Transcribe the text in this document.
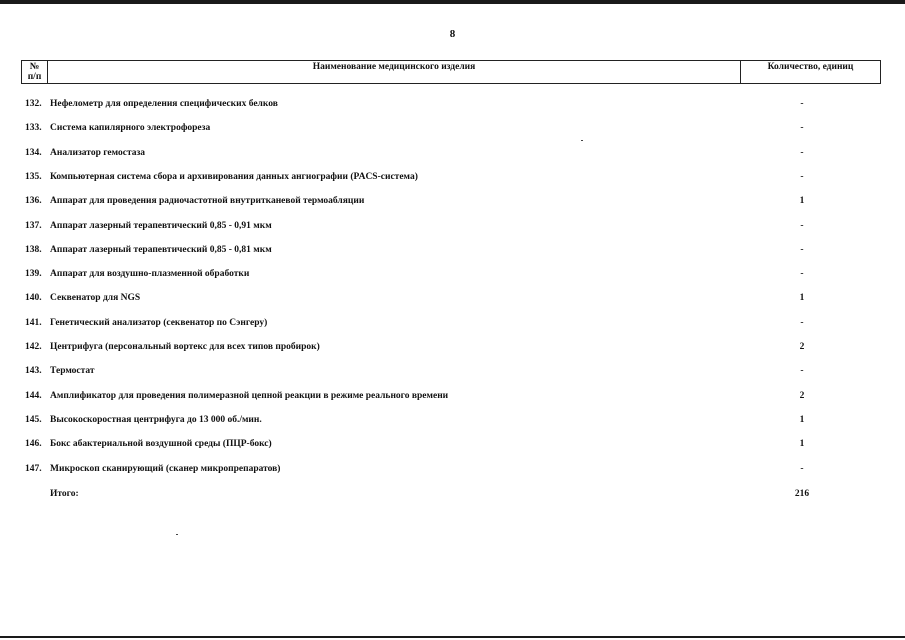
8
№
п/п
Наименование медицинского изделия	Количество, единиц
132. Нефелометр для определения специфических белков	-
133. Система капилярного электрофореза	-
134. Анализатор гемостаза	-
135. Компьютерная система сбора и архивирования данных ангиографии (PACS-система)	-
136. Аппарат для проведения радиочастотной внутритканевой термоабляции	1
137. Аппарат лазерный терапевтический 0,85 - 0,91 мкм	-
138. Аппарат лазерный терапевтический 0,85 - 0,81 мкм	-
139. Аппарат для воздушно-плазменной обработки	-
140. Секвенатор для NGS	1
141. Генетический анализатор (секвенатор по Сэнгеру)	-
142. Центрифуга (персональный вортекс для всех типов пробирок)	2
143. Термостат	-
144. Амплификатор для проведения полимеразной цепной реакции в режиме реального времени	2
145. Высокоскоростная центрифуга до 13 000 об./мин.	1
146. Бокс абактериальной воздушной среды (ПЦР-бокс)	1
147. Микроскоп сканирующий (сканер микропрепаратов)	-
Итого:	216
